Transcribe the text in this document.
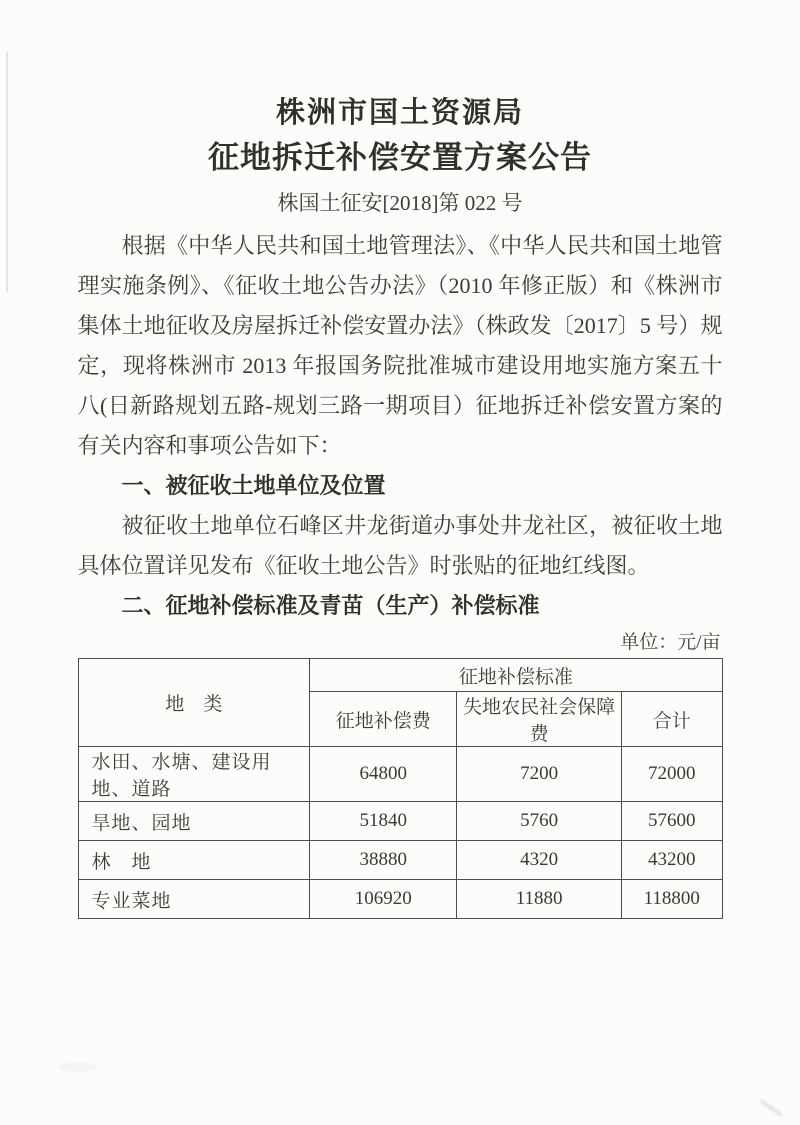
株洲市国土资源局
征地拆迁补偿安置方案公告
株国土征安[2018]第 022 号

根据《中华人民共和国土地管理法》、《中华人民共和国土地管理实施条例》、《征收土地公告办法》（2010 年修正版）和《株洲市集体土地征收及房屋拆迁补偿安置办法》（株政发〔2017〕5 号）规定，现将株洲市 2013 年报国务院批准城市建设用地实施方案五十八(日新路规划五路-规划三路一期项目）征地拆迁补偿安置方案的有关内容和事项公告如下：

一、被征收土地单位及位置

被征收土地单位石峰区井龙街道办事处井龙社区，被征收土地具体位置详见发布《征收土地公告》时张贴的征地红线图。

二、征地补偿标准及青苗（生产）补偿标准

单位：元/亩
地　类	征地补偿标准		
	征地补偿费	失地农民社会保障费	合计
水田、水塘、建设用地、道路	64800	7200	72000
旱地、园地	51840	5760	57600
林　地	38880	4320	43200
专业菜地	106920	11880	118800
